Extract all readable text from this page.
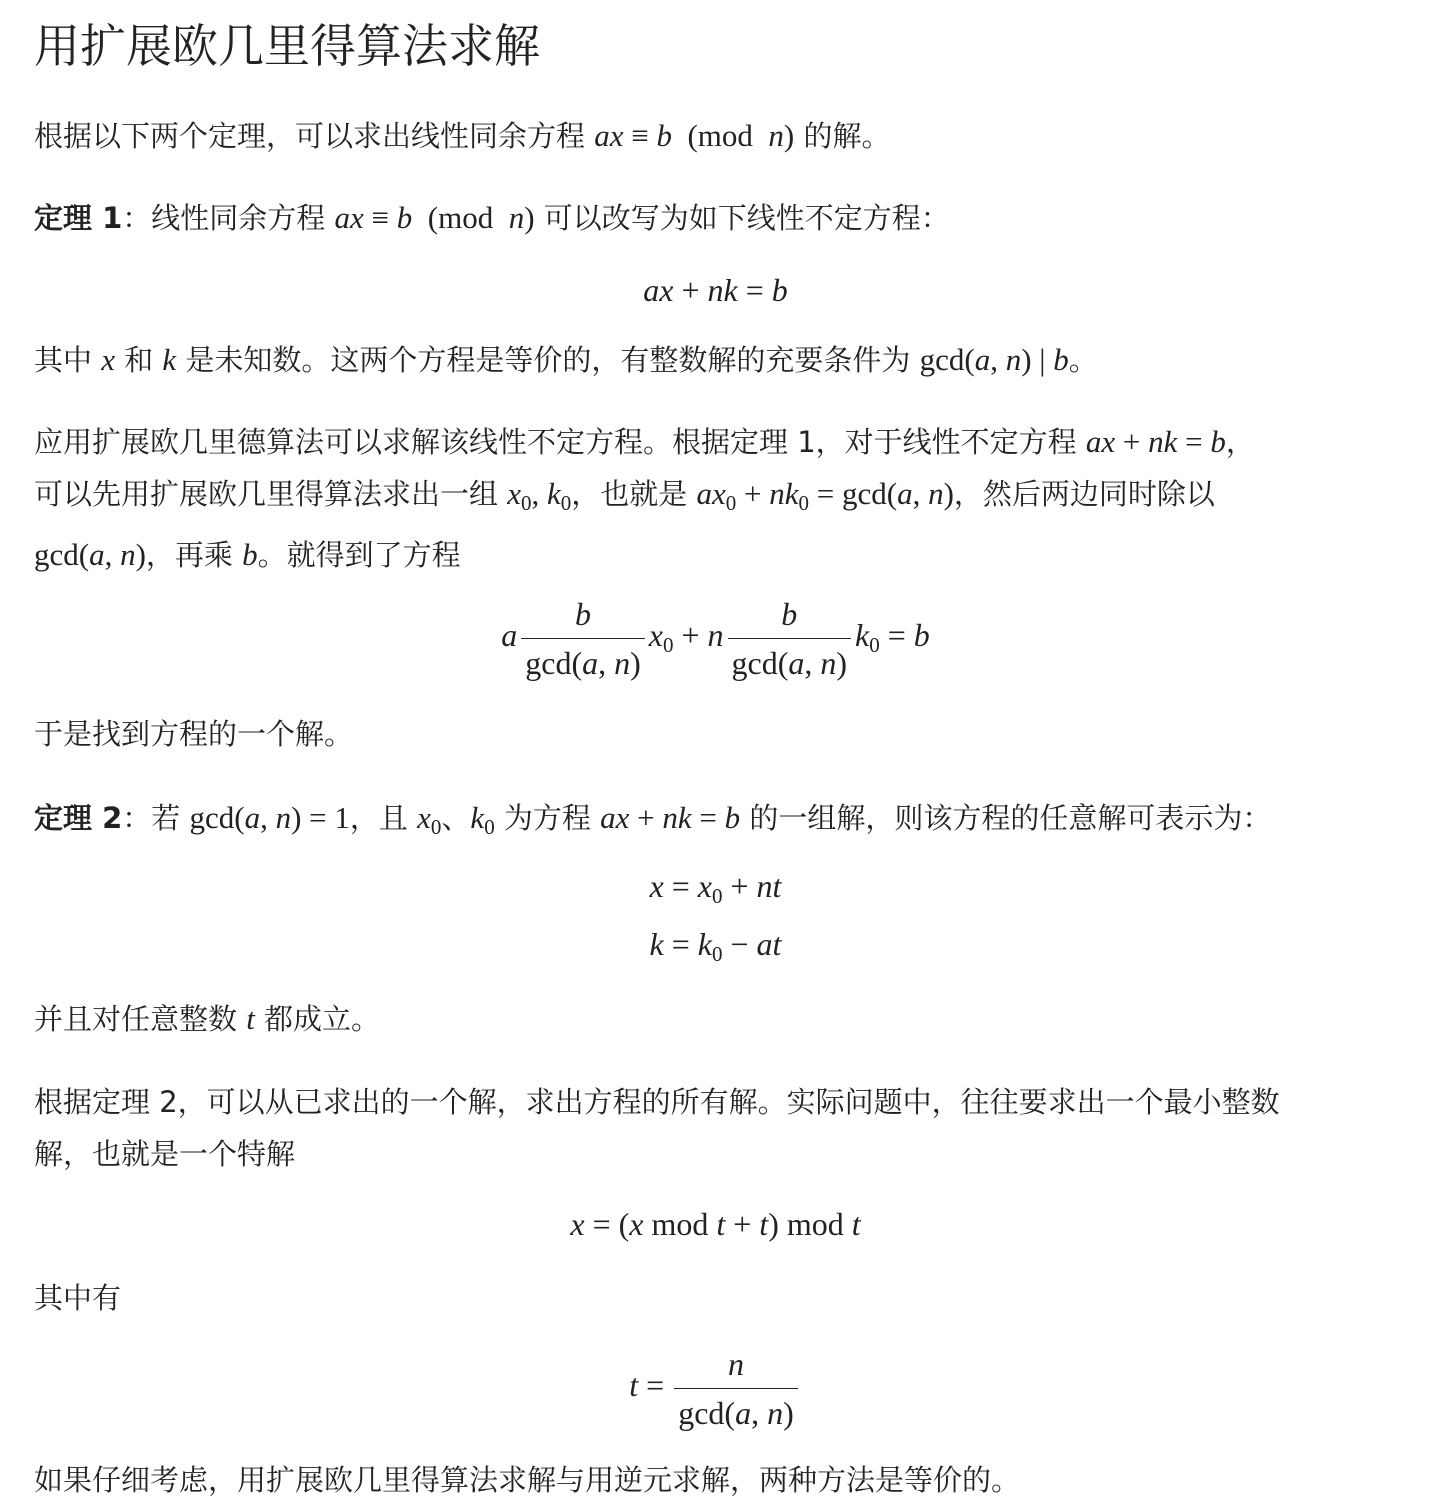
用扩展欧几里得算法求解

根据以下两个定理，可以求出线性同余方程 ax ≡ b  (mod  n) 的解。

定理 1：线性同余方程 ax ≡ b  (mod  n) 可以改写为如下线性不定方程：

ax + nk = b

其中 x 和 k 是未知数。这两个方程是等价的，有整数解的充要条件为 gcd(a, n) | b。

应用扩展欧几里德算法可以求解该线性不定方程。根据定理 1，对于线性不定方程 ax + nk = b，
可以先用扩展欧几里得算法求出一组 $x_0$, $k_0$，也就是 $ax_0 + nk_0 = \gcd(a$, n)，然后两边同时除以
gcd(a, n)，再乘 b。就得到了方程
a $\frac{b}{\gcd(a, n)} x_0 + n \frac{b}{\gcd(a, n)} k_0 = b$

于是找到方程的一个解。

定理 2：若 gcd(a, n) = 1，且 $x_0$、$k_0$ 为方程 ax + nk = b 的一组解，则该方程的任意解可表示为：

$x = x_0$ + nt
$k = k_0$ − at

并且对任意整数 t 都成立。

根据定理 2，可以从已求出的一个解，求出方程的所有解。实际问题中，往往要求出一个最小整数
解，也就是一个特解
x = (x mod t + t) mod t

其中有

$t = \frac{n}{\gcd(a, n)}$

如果仔细考虑，用扩展欧几里得算法求解与用逆元求解，两种方法是等价的。
